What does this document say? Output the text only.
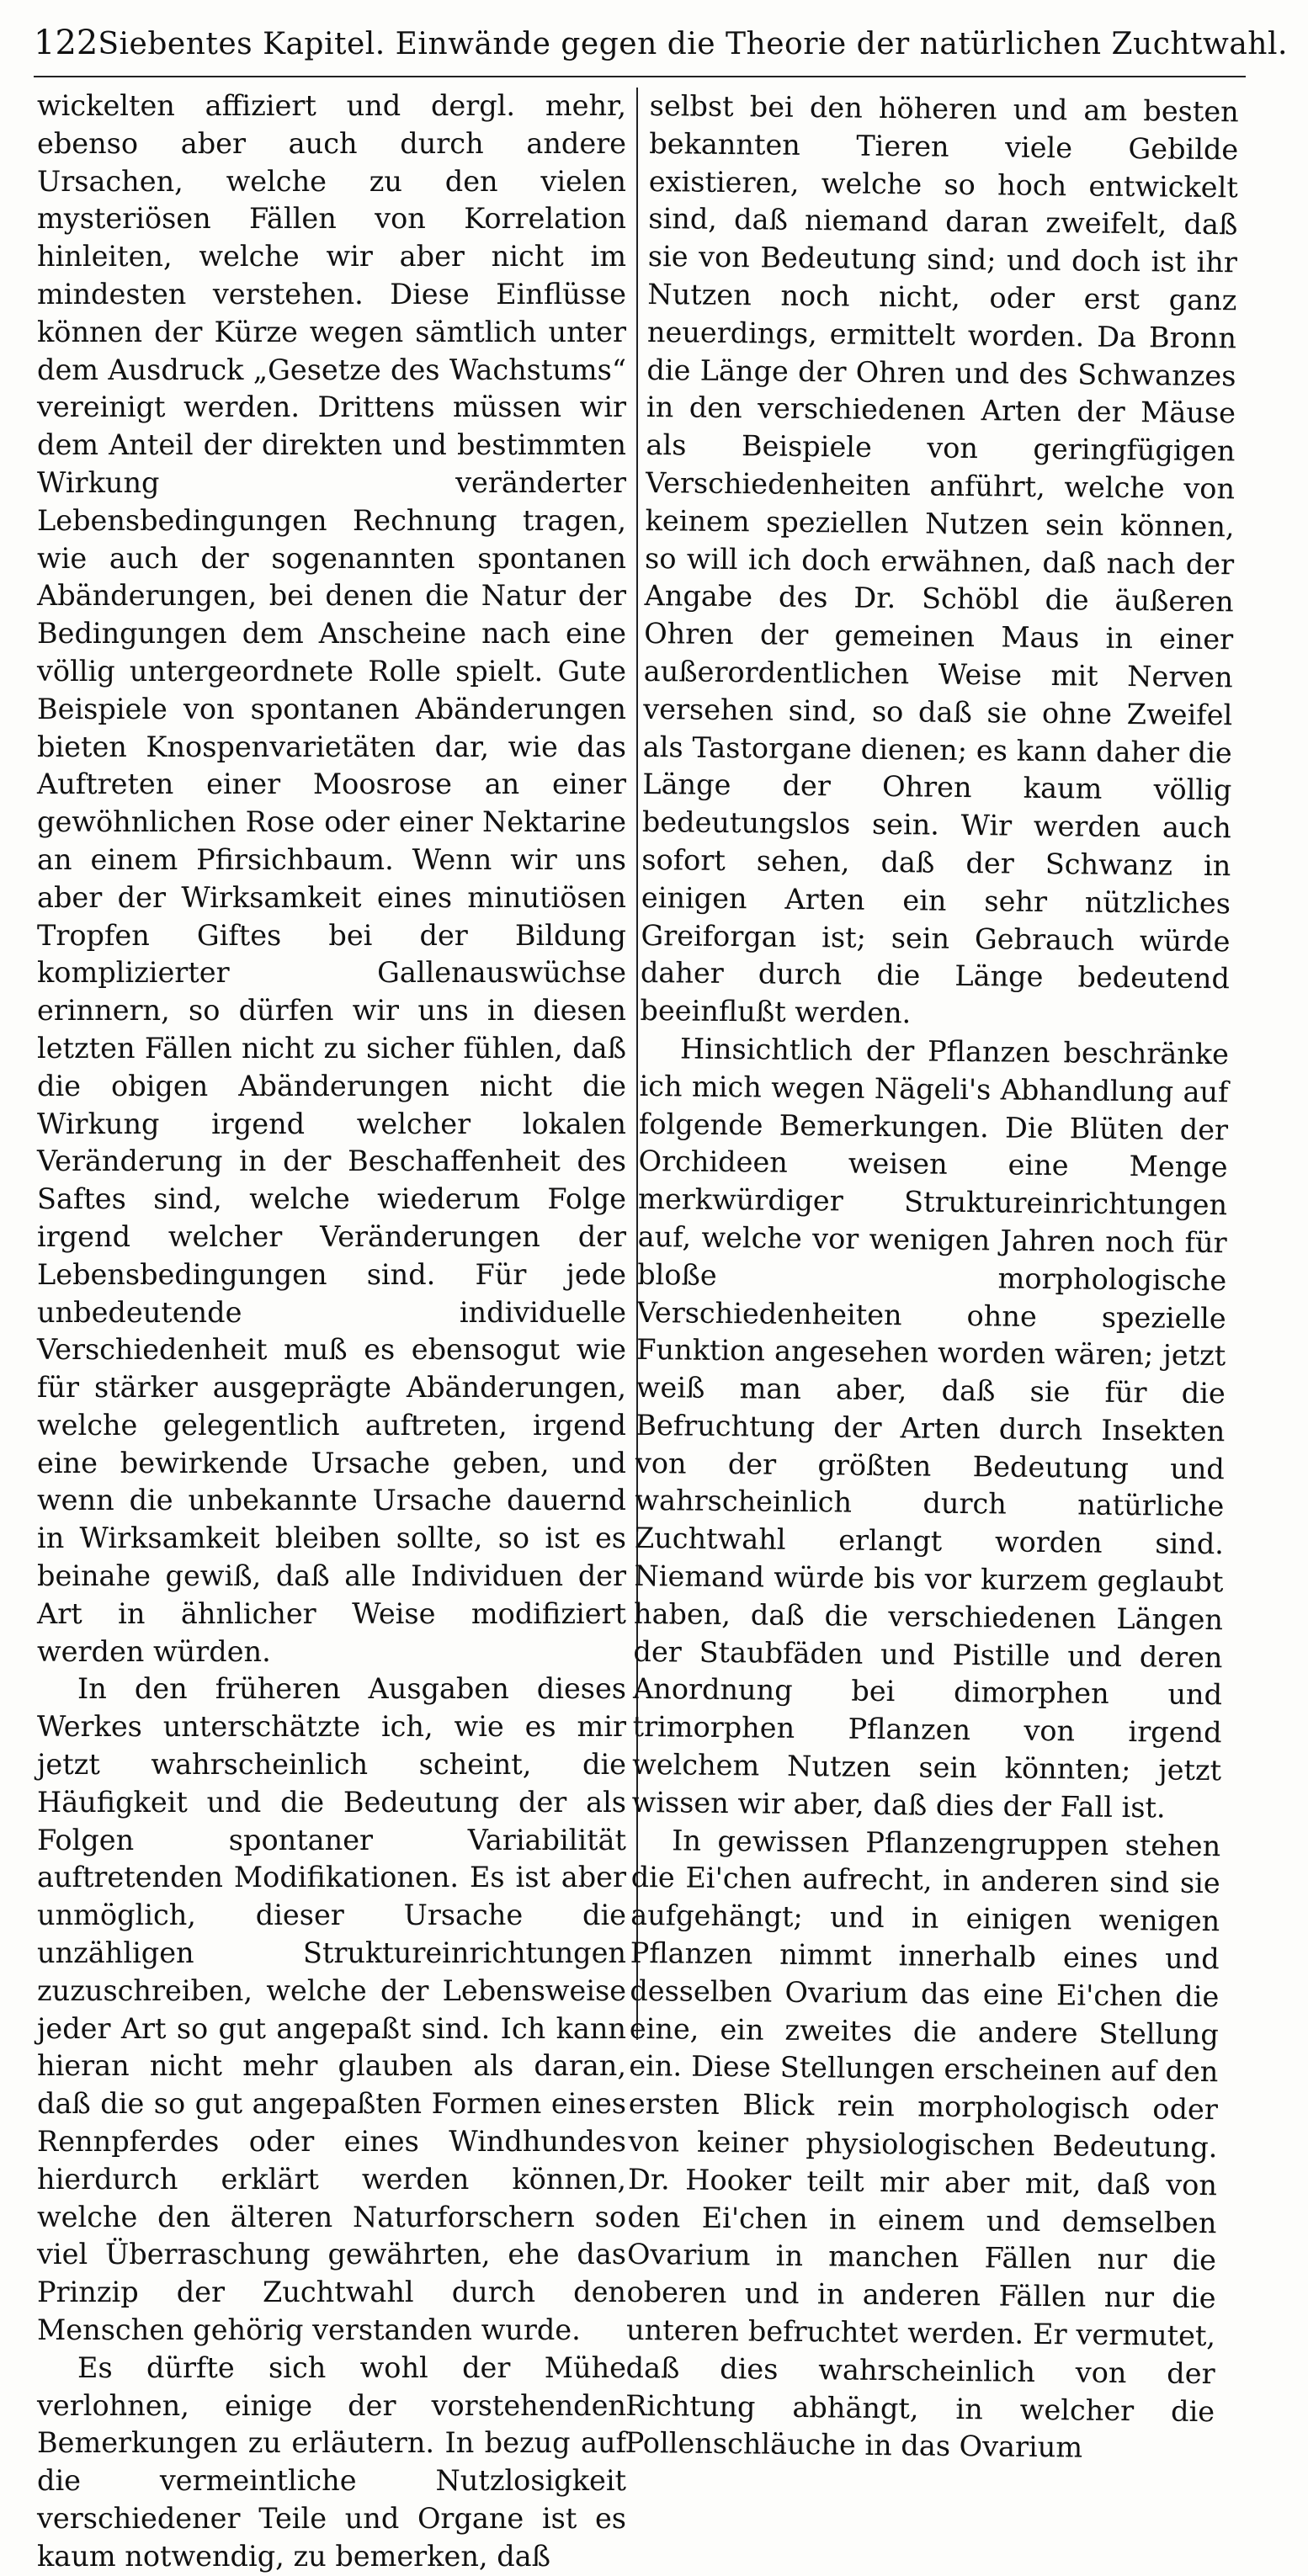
122 Siebentes Kapitel. Einwände gegen die Theorie der natürlichen Zuchtwahl.

wickelten affiziert und dergl. mehr, ebenso aber auch durch andere Ursachen, welche zu den vielen mysteriösen Fällen von Korrelation hinleiten, welche wir aber nicht im mindesten verstehen. Diese Einflüsse können der Kürze wegen sämtlich unter dem Ausdruck „Gesetze des Wachstums“ vereinigt werden. Drittens müssen wir dem Anteil der direkten und bestimmten Wirkung veränderter Lebensbedingungen Rechnung tragen, wie auch der sogenannten spontanen Abänderungen, bei denen die Natur der Bedingungen dem Anscheine nach eine völlig untergeordnete Rolle spielt. Gute Beispiele von spontanen Abänderungen bieten Knospenvarietäten dar, wie das Auftreten einer Moosrose an einer gewöhnlichen Rose oder einer Nektarine an einem Pfirsichbaum. Wenn wir uns aber der Wirksamkeit eines minutiösen Tropfen Giftes bei der Bildung komplizierter Gallenauswüchse erinnern, so dürfen wir uns in diesen letzten Fällen nicht zu sicher fühlen, daß die obigen Abänderungen nicht die Wirkung irgend welcher lokalen Veränderung in der Beschaffenheit des Saftes sind, welche wiederum Folge irgend welcher Veränderungen der Lebensbedingungen sind. Für jede unbedeutende individuelle Verschiedenheit muß es ebensogut wie für stärker ausgeprägte Abänderungen, welche gelegentlich auftreten, irgend eine bewirkende Ursache geben, und wenn die unbekannte Ursache dauernd in Wirksamkeit bleiben sollte, so ist es beinahe gewiß, daß alle Individuen der Art in ähnlicher Weise modifiziert werden würden.

In den früheren Ausgaben dieses Werkes unterschätzte ich, wie es mir jetzt wahrscheinlich scheint, die Häufigkeit und die Bedeutung der als Folgen spontaner Variabilität auftretenden Modifikationen. Es ist aber unmöglich, dieser Ursache die unzähligen Struktureinrichtungen zuzuschreiben, welche der Lebensweise jeder Art so gut angepaßt sind. Ich kann hieran nicht mehr glauben als daran, daß die so gut angepaßten Formen eines Rennpferdes oder eines Windhundes hierdurch erklärt werden können, welche den älteren Naturforschern so viel Überraschung gewährten, ehe das Prinzip der Zuchtwahl durch den Menschen gehörig verstanden wurde.

Es dürfte sich wohl der Mühe verlohnen, einige der vorstehenden Bemerkungen zu erläutern. In bezug auf die vermeintliche Nutzlosigkeit verschiedener Teile und Organe ist es kaum notwendig, zu bemerken, daß

selbst bei den höheren und am besten bekannten Tieren viele Gebilde existieren, welche so hoch entwickelt sind, daß niemand daran zweifelt, daß sie von Bedeutung sind; und doch ist ihr Nutzen noch nicht, oder erst ganz neuerdings, ermittelt worden. Da Bronn die Länge der Ohren und des Schwanzes in den verschiedenen Arten der Mäuse als Beispiele von geringfügigen Verschiedenheiten anführt, welche von keinem speziellen Nutzen sein können, so will ich doch erwähnen, daß nach der Angabe des Dr. Schöbl die äußeren Ohren der gemeinen Maus in einer außerordentlichen Weise mit Nerven versehen sind, so daß sie ohne Zweifel als Tastorgane dienen; es kann daher die Länge der Ohren kaum völlig bedeutungslos sein. Wir werden auch sofort sehen, daß der Schwanz in einigen Arten ein sehr nützliches Greiforgan ist; sein Gebrauch würde daher durch die Länge bedeutend beeinflußt werden.

Hinsichtlich der Pflanzen beschränke ich mich wegen Nägeli's Abhandlung auf folgende Bemerkungen. Die Blüten der Orchideen weisen eine Menge merkwürdiger Struktureinrichtungen auf, welche vor wenigen Jahren noch für bloße morphologische Verschiedenheiten ohne spezielle Funktion angesehen worden wären; jetzt weiß man aber, daß sie für die Befruchtung der Arten durch Insekten von der größten Bedeutung und wahrscheinlich durch natürliche Zuchtwahl erlangt worden sind. Niemand würde bis vor kurzem geglaubt haben, daß die verschiedenen Längen der Staubfäden und Pistille und deren Anordnung bei dimorphen und trimorphen Pflanzen von irgend welchem Nutzen sein könnten; jetzt wissen wir aber, daß dies der Fall ist.

In gewissen Pflanzengruppen stehen die Ei'chen aufrecht, in anderen sind sie aufgehängt; und in einigen wenigen Pflanzen nimmt innerhalb eines und desselben Ovarium das eine Ei'chen die eine, ein zweites die andere Stellung ein. Diese Stellungen erscheinen auf den ersten Blick rein morphologisch oder von keiner physiologischen Bedeutung. Dr. Hooker teilt mir aber mit, daß von den Ei'chen in einem und demselben Ovarium in manchen Fällen nur die oberen und in anderen Fällen nur die unteren befruchtet werden. Er vermutet, daß dies wahrscheinlich von der Richtung abhängt, in welcher die Pollenschläuche in das Ovarium
